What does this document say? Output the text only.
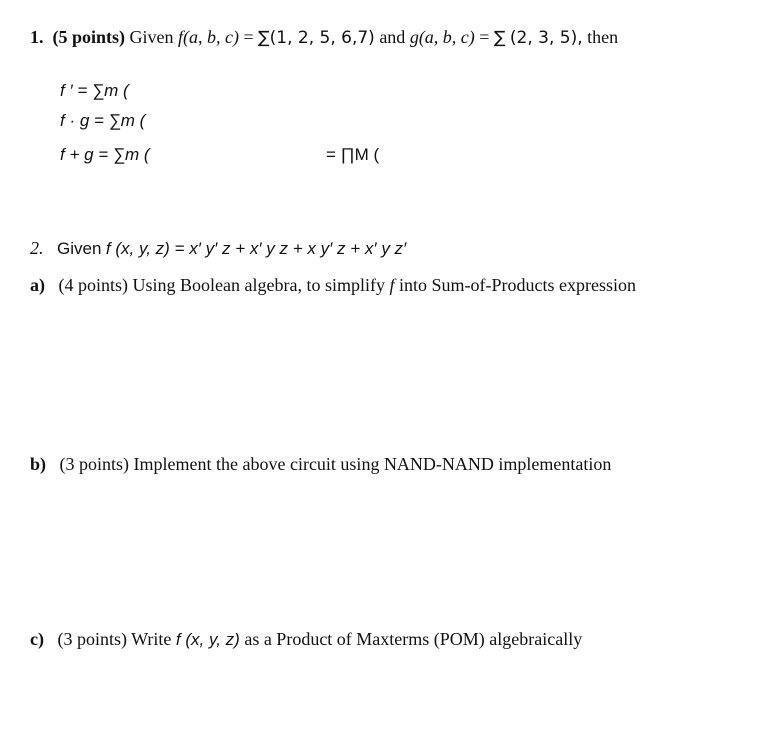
1. (5 points) Given f(a, b, c) = ∑(1, 2, 5, 6,7) and g(a, b, c) = ∑ (2, 3, 5), then
f ′ = ∑m (
f · g = ∑m (
f + g = ∑m (	= ∏M (
2. Given f (x, y, z) = x′ y′ z + x′ y z + x y′ z + x′ y z′
a) (4 points) Using Boolean algebra, to simplify f into Sum-of-Products expression
b) (3 points) Implement the above circuit using NAND-NAND implementation
c) (3 points) Write f (x, y, z) as a Product of Maxterms (POM) algebraically
